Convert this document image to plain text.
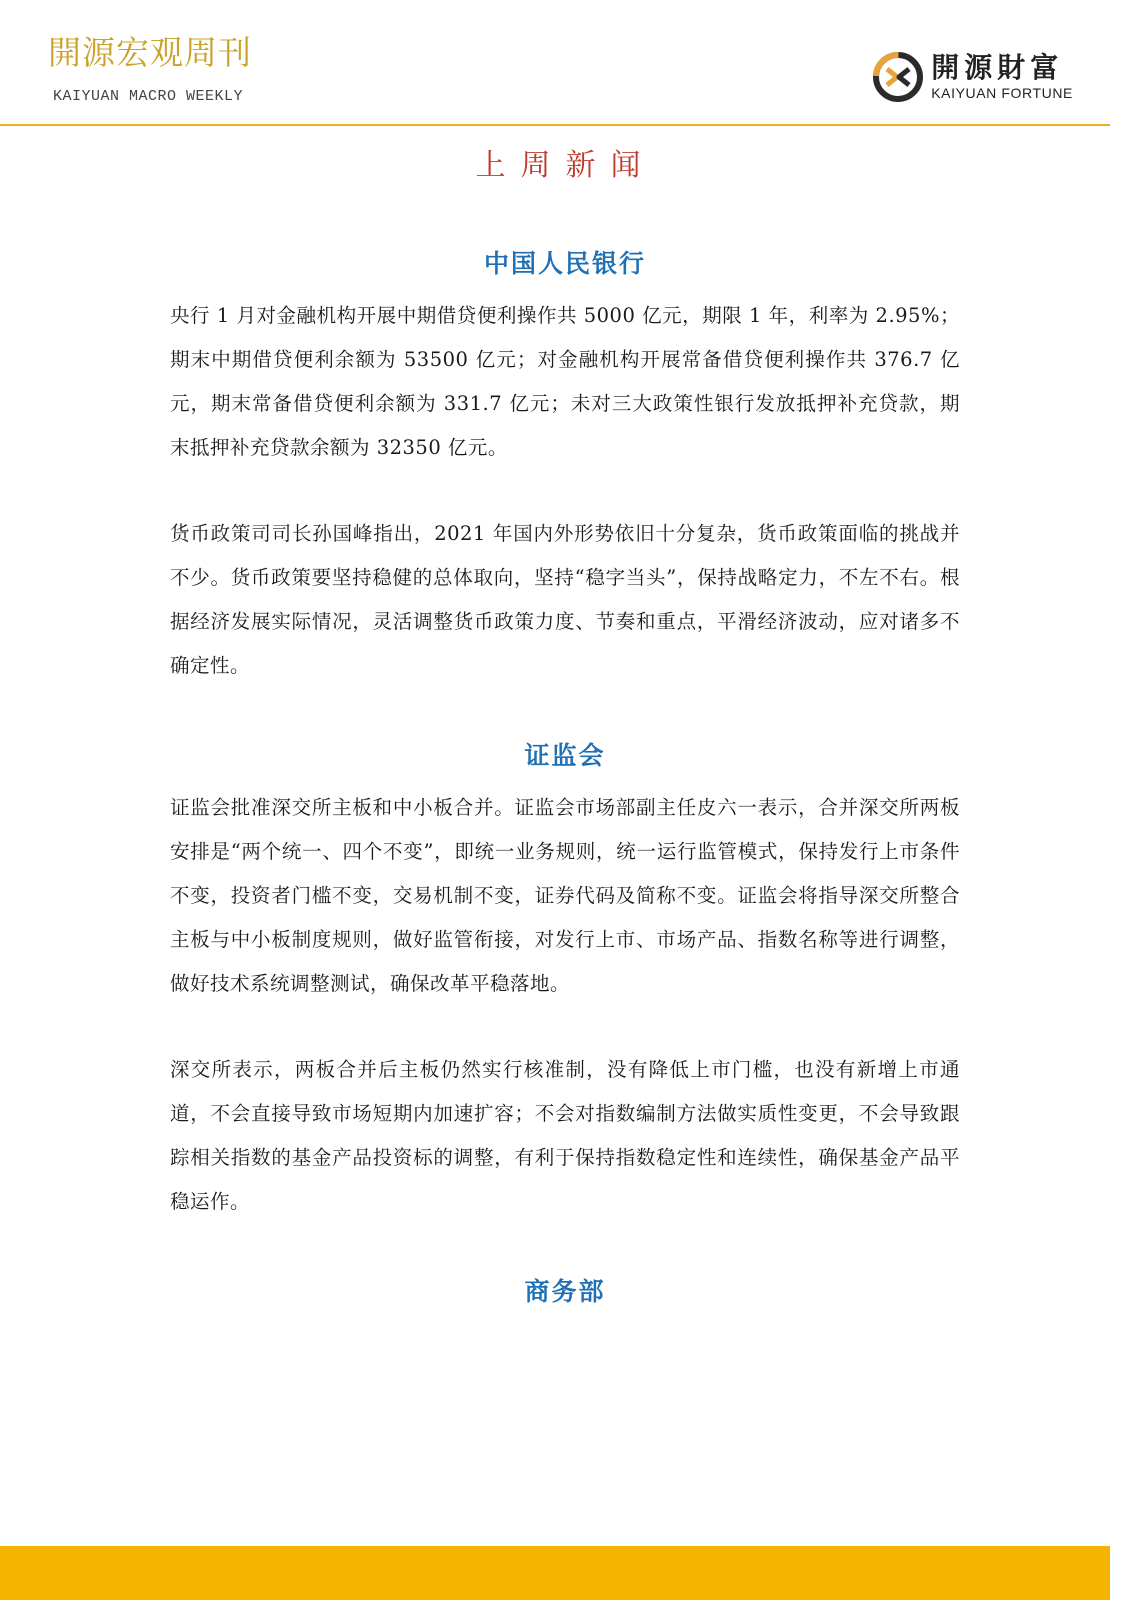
開源宏观周刊
KAIYUAN MACRO WEEKLY
開源財富
KAIYUAN FORTUNE
上周新闻
中国人民银行

央行 1 月对金融机构开展中期借贷便利操作共 5000 亿元，期限 1 年，利率为 2.95%；期末中期借贷便利余额为 53500 亿元；对金融机构开展常备借贷便利操作共 376.7 亿元，期末常备借贷便利余额为 331.7 亿元；未对三大政策性银行发放抵押补充贷款，期末抵押补充贷款余额为 32350 亿元。

货币政策司司长孙国峰指出，2021 年国内外形势依旧十分复杂，货币政策面临的挑战并不少。货币政策要坚持稳健的总体取向，坚持“稳字当头”，保持战略定力，不左不右。根据经济发展实际情况，灵活调整货币政策力度、节奏和重点，平滑经济波动，应对诸多不确定性。

证监会

证监会批准深交所主板和中小板合并。证监会市场部副主任皮六一表示，合并深交所两板安排是“两个统一、四个不变”，即统一业务规则，统一运行监管模式，保持发行上市条件不变，投资者门槛不变，交易机制不变，证券代码及简称不变。证监会将指导深交所整合主板与中小板制度规则，做好监管衔接，对发行上市、市场产品、指数名称等进行调整，做好技术系统调整测试，确保改革平稳落地。

深交所表示，两板合并后主板仍然实行核准制，没有降低上市门槛，也没有新增上市通道，不会直接导致市场短期内加速扩容；不会对指数编制方法做实质性变更，不会导致跟踪相关指数的基金产品投资标的调整，有利于保持指数稳定性和连续性，确保基金产品平稳运作。

商务部
